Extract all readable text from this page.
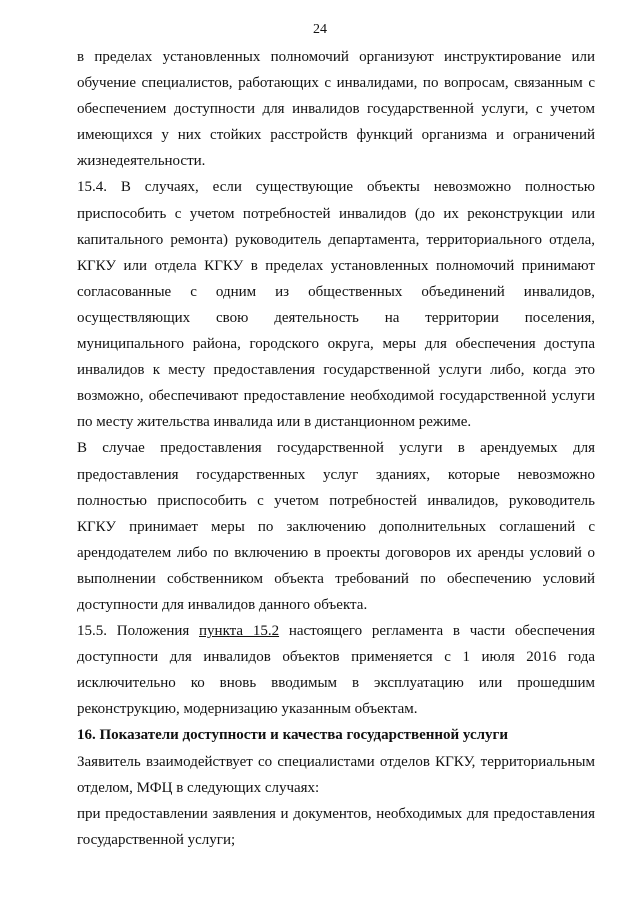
24

в пределах установленных полномочий организуют инструктирование или
обучение специалистов, работающих с инвалидами, по вопросам, связанным с
обеспечением доступности для инвалидов государственной услуги, с учетом
имеющихся у них стойких расстройств функций организма и ограничений
жизнедеятельности.

15.4. В случаях, если существующие объекты невозможно полностью
приспособить с учетом потребностей инвалидов (до их реконструкции или
капитального ремонта) руководитель департамента, территориального отдела,
КГКУ или отдела КГКУ в пределах установленных полномочий принимают
согласованные с одним из общественных объединений инвалидов,
осуществляющих свою деятельность на территории поселения,
муниципального района, городского округа, меры для обеспечения доступа
инвалидов к месту предоставления государственной услуги либо, когда это
возможно, обеспечивают предоставление необходимой государственной услуги
по месту жительства инвалида или в дистанционном режиме.

В случае предоставления государственной услуги в арендуемых для
предоставления государственных услуг зданиях, которые невозможно
полностью приспособить с учетом потребностей инвалидов, руководитель
КГКУ принимает меры по заключению дополнительных соглашений с
арендодателем либо по включению в проекты договоров их аренды условий о
выполнении собственником объекта требований по обеспечению условий
доступности для инвалидов данного объекта.

15.5. Положения пункта 15.2 настоящего регламента в части обеспечения
доступности для инвалидов объектов применяется с 1 июля 2016 года
исключительно ко вновь вводимым в эксплуатацию или прошедшим
реконструкцию, модернизацию указанным объектам.

16. Показатели доступности и качества государственной услуги

Заявитель взаимодействует со специалистами отделов КГКУ, территориальным
отделом, МФЦ в следующих случаях:

при предоставлении заявления и документов, необходимых для предоставления
государственной услуги;
